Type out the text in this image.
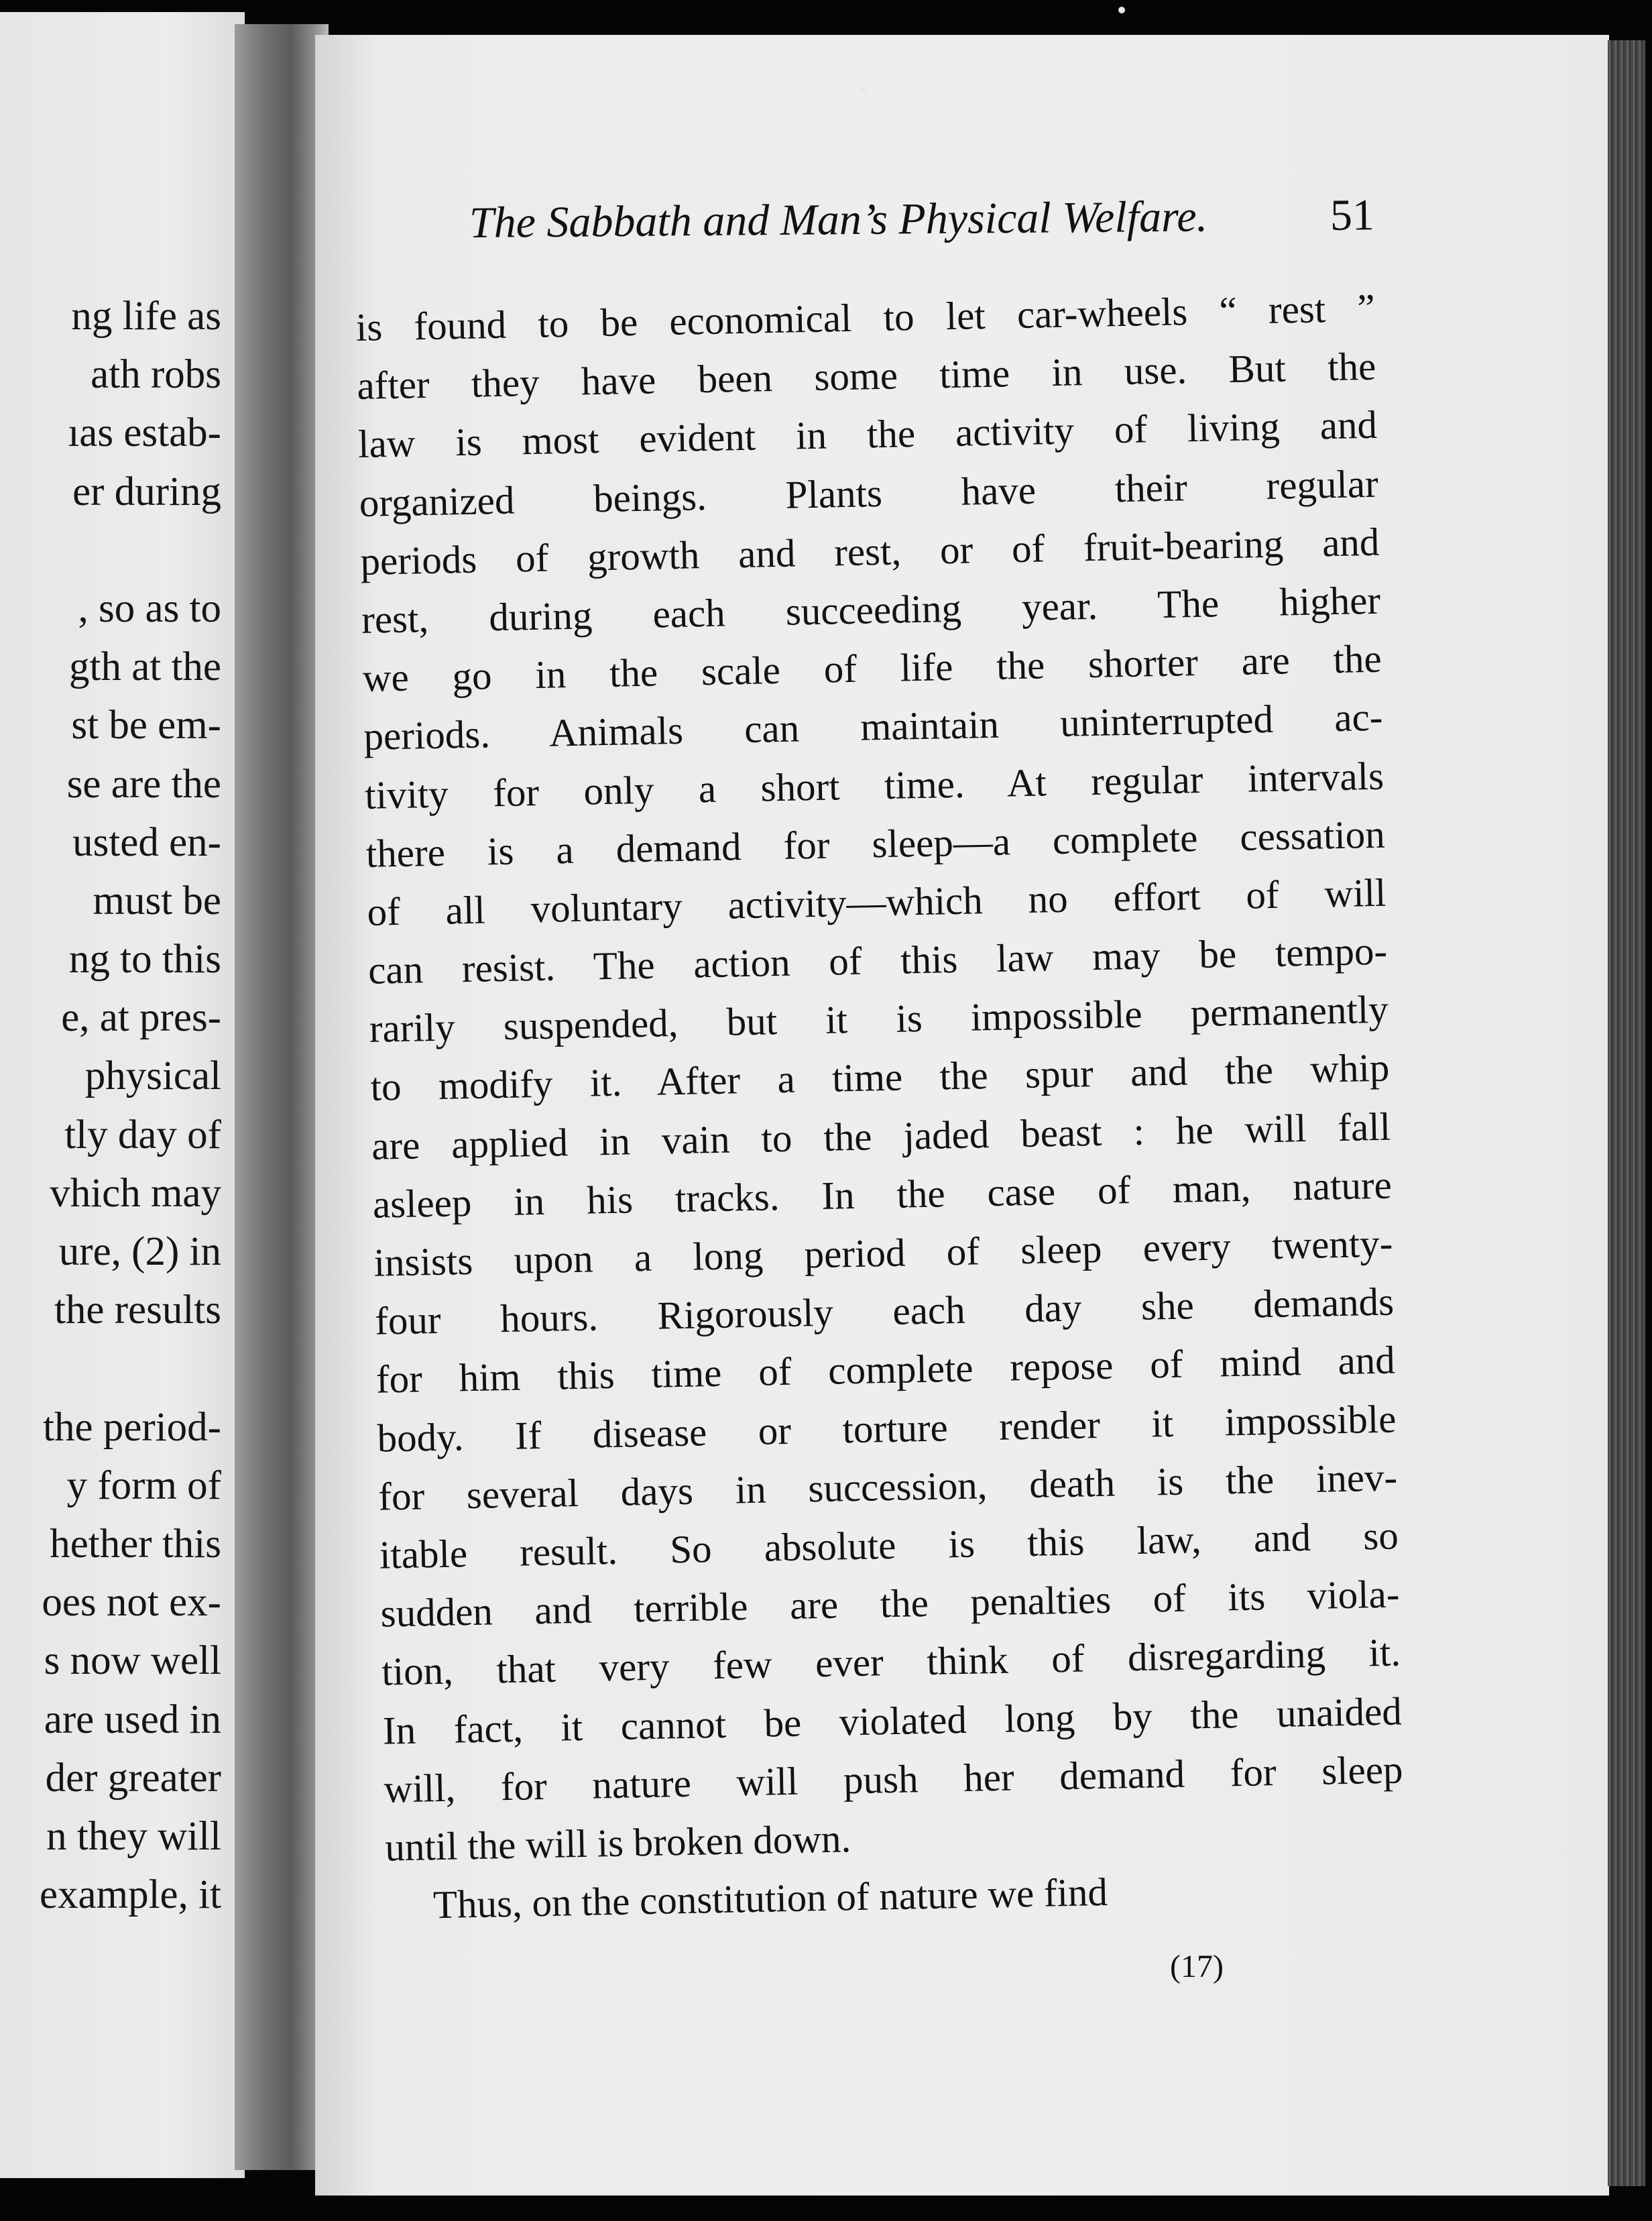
ng life as
ath robs
ıas estab-
er during
, so as to
gth at the
st be em-
se are the
usted en-
must be
ng to this
e, at pres-
physical
tly day of
vhich may
ure, (2) in
the results
the period-
y form of
hether this
oes not ex-
s now well
are used in
der greater
n they will
example, it
The Sabbath and Man’s Physical Welfare.	51

is found to be economical to let car-wheels “ rest ”
after they have been some time in use. But the
law is most evident in the activity of living and
organized beings. Plants have their regular
periods of growth and rest, or of fruit-bearing and
rest, during each succeeding year. The higher
we go in the scale of life the shorter are the
periods. Animals can maintain uninterrupted ac-
tivity for only a short time. At regular intervals
there is a demand for sleep—a complete cessation
of all voluntary activity—which no effort of will
can resist. The action of this law may be tempo-
rarily suspended, but it is impossible permanently
to modify it. After a time the spur and the whip
are applied in vain to the jaded beast : he will fall
asleep in his tracks. In the case of man, nature
insists upon a long period of sleep every twenty-
four hours. Rigorously each day she demands
for him this time of complete repose of mind and
body. If disease or torture render it impossible
for several days in succession, death is the inev-
itable result. So absolute is this law, and so
sudden and terrible are the penalties of its viola-
tion, that very few ever think of disregarding it.
In fact, it cannot be violated long by the unaided
will, for nature will push her demand for sleep
until the will is broken down.

Thus, on the constitution of nature we find

(17)
